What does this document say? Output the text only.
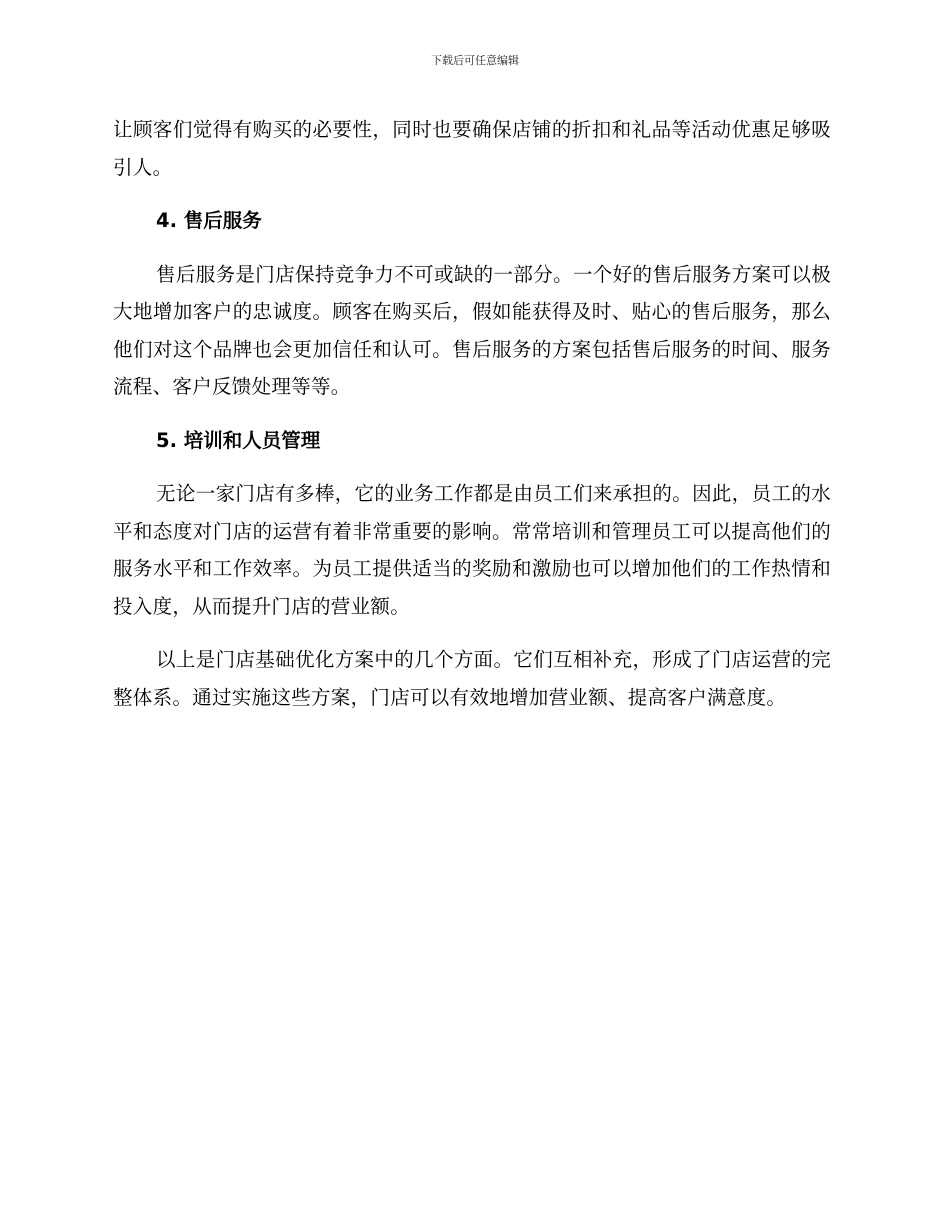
下载后可任意编辑

让顾客们觉得有购买的必要性，同时也要确保店铺的折扣和礼品等活动优惠足够吸引人。

4. 售后服务

售后服务是门店保持竞争力不可或缺的一部分。一个好的售后服务方案可以极大地增加客户的忠诚度。顾客在购买后，假如能获得及时、贴心的售后服务，那么他们对这个品牌也会更加信任和认可。售后服务的方案包括售后服务的时间、服务流程、客户反馈处理等等。

5. 培训和人员管理

无论一家门店有多棒，它的业务工作都是由员工们来承担的。因此，员工的水平和态度对门店的运营有着非常重要的影响。常常培训和管理员工可以提高他们的服务水平和工作效率。为员工提供适当的奖励和激励也可以增加他们的工作热情和投入度，从而提升门店的营业额。

以上是门店基础优化方案中的几个方面。它们互相补充，形成了门店运营的完整体系。通过实施这些方案，门店可以有效地增加营业额、提高客户满意度。
